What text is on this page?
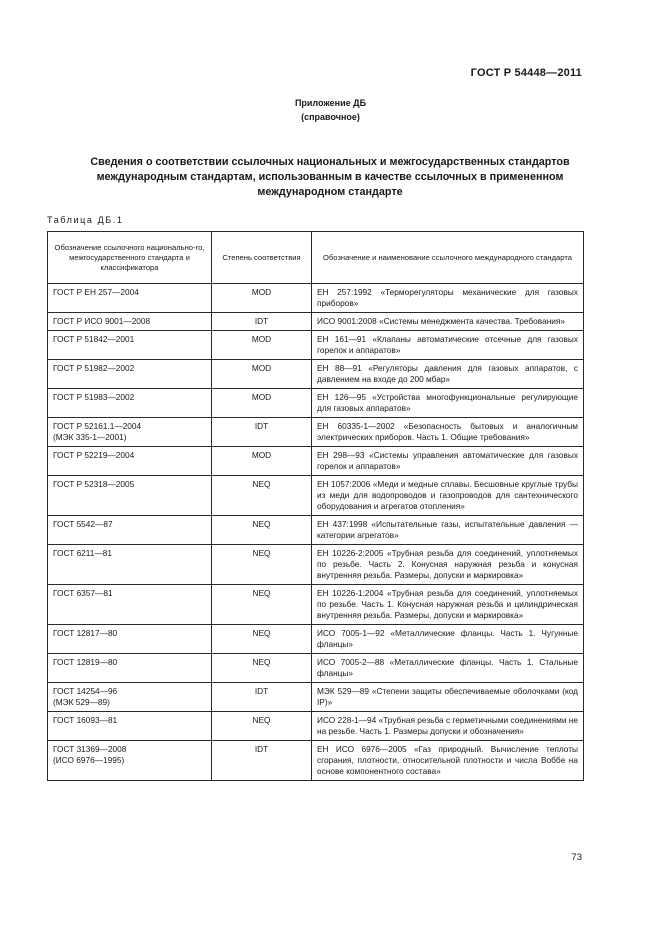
ГОСТ Р 54448—2011
Приложение ДБ
(справочное)
Сведения о соответствии ссылочных национальных и межгосударственных стандартов
международным стандартам, использованным в качестве ссылочных в примененном
международном стандарте
Таблица ДБ.1
Обозначение ссылочного национально-го, межгосударственного стандарта и классификатора	Степень соответствия	Обозначение и наименование ссылочного международного стандарта
ГОСТ Р ЕН 257—2004	MOD	ЕН 257:1992 «Терморегуляторы механические для газовых приборов»
ГОСТ Р ИСО 9001—2008	IDT	ИСО 9001:2008 «Системы менеджмента качества. Требования»
ГОСТ Р 51842—2001	MOD	ЕН 161—91 «Клапаны автоматические отсечные для газовых горелок и аппаратов»
ГОСТ Р 51982—2002	MOD	ЕН 88—91 «Регуляторы давления для газовых аппаратов, с давлением на входе до 200 мбар»
ГОСТ Р 51983—2002	MOD	ЕН 126—95 «Устройства многофункциональные регулирующие для газовых аппаратов»
ГОСТ Р 52161.1—2004
(МЭК 335-1—2001)	IDT	ЕН 60335-1—2002 «Безопасность бытовых и аналогичным электрических приборов. Часть 1. Общие требования»
ГОСТ Р 52219—2004	MOD	ЕН 298—93 «Системы управления автоматические для газовых горелок и аппаратов»
ГОСТ Р 52318—2005	NEQ	ЕН 1057:2006 «Меди и медные сплавы. Бесшовные круглые трубы из меди для водопроводов и газопроводов для сантехнического оборудования и агрегатов отопления»
ГОСТ 5542—87	NEQ	ЕН 437:1998 «Испытательные газы, испытательные давления — категории агрегатов»
ГОСТ 6211—81	NEQ	ЕН 10226-2:2005 «Трубная резьба для соединений, уплотняемых по резьбе. Часть 2. Конусная наружная резьба и конусная внутренняя резьба. Размеры, допуски и маркировка»
ГОСТ 6357—81	NEQ	ЕН 10226-1:2004 «Трубная резьба для соединений, уплотняемых по резьбе. Часть 1. Конусная наружная резьба и цилиндрическая внутренняя резьба. Размеры, допуски и маркировка»
ГОСТ 12817—80	NEQ	ИСО 7005-1—92 «Металлические фланцы. Часть 1. Чугунные фланцы»
ГОСТ 12819—80	NEQ	ИСО 7005-2—88 «Металлические фланцы. Часть 1. Стальные фланцы»
ГОСТ 14254—96
(МЭК 529—89)	IDT	МЭК 529—89 «Степени защиты обеспечиваемые оболочками (код IP)»
ГОСТ 16093—81	NEQ	ИСО 228-1—94 «Трубная резьба с герметичными соединениями не на резьбе. Часть 1. Размеры допуски и обозначения»
ГОСТ 31369—2008
(ИСО 6976—1995)	IDT	ЕН ИСО 6976—2005 «Газ природный. Вычисление теплоты сгорания, плотности, относительной плотности и числа Воббе на основе компонентного состава»
73
